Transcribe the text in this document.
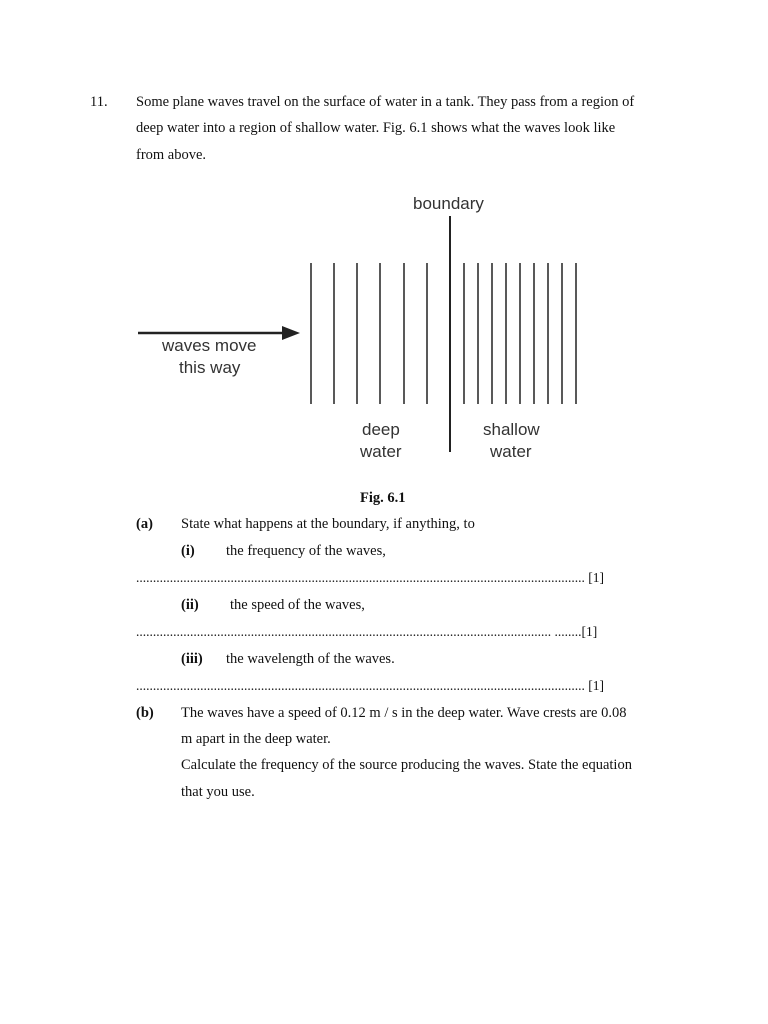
11. Some plane waves travel on the surface of water in a tank. They pass from a region of
deep water into a region of shallow water. Fig. 6.1 shows what the waves look like
from above.
boundary
waves move
this way
deep
water
shallow
water
Fig. 6.1
(a) State what happens at the boundary, if anything, to
(i) the frequency of the waves,
..................................................................................................................................... [1]
(ii) the speed of the waves,
........................................................................................................................... ........[1]
(iii) the wavelength of the waves.
..................................................................................................................................... [1]
(b) The waves have a speed of 0.12 m / s in the deep water. Wave crests are 0.08
m apart in the deep water.
Calculate the frequency of the source producing the waves. State the equation
that you use.
